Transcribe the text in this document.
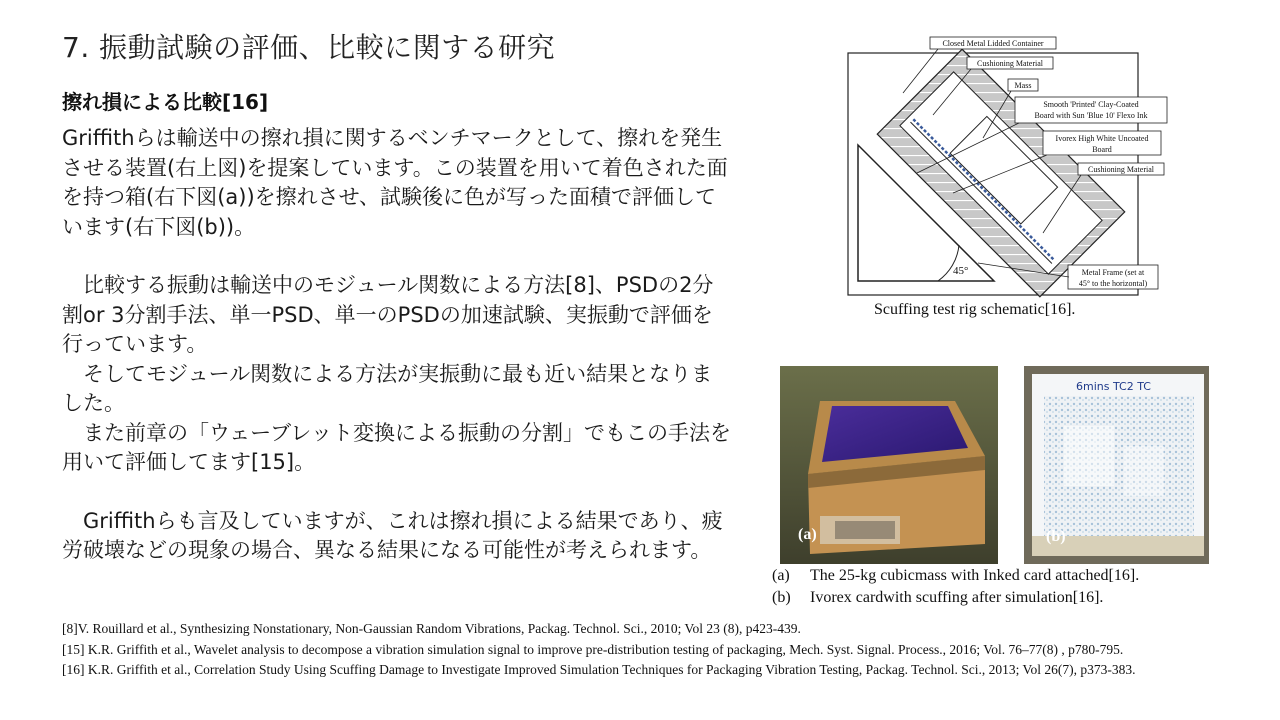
7. 振動試験の評価、比較に関する研究
擦れ損による比較[16]

Griffithらは輸送中の擦れ損に関するベンチマークとして、擦れを発生させる装置(右上図)を提案しています。この装置を用いて着色された面を持つ箱(右下図(a))を擦れさせ、試験後に色が写った面積で評価しています(右下図(b))。

　比較する振動は輸送中のモジュール関数による方法[8]、PSDの2分割or 3分割手法、単一PSD、単一のPSDの加速試験、実振動で評価を行っています。

　そしてモジュール関数による方法が実振動に最も近い結果となりました。

　また前章の「ウェーブレット変換による振動の分割」でもこの手法を用いて評価してます[15]。

　Griffithらも言及していますが、これは擦れ損による結果であり、疲労破壊などの現象の場合、異なる結果になる可能性が考えられます。

45°
Closed Metal Lidded Container
Cushioning Material
Mass
Smooth 'Printed' Clay-Coated
Board with Sun 'Blue 10' Flexo Ink
Ivorex High White Uncoated
Board
Cushioning Material
Metal Frame (set at
45° to the horizontal)
Scuffing test rig schematic[16].
(a)
6mins TC2 TC
(b)
(a)	The 25-kg cubicmass with Inked card attached[16].
(b)	Ivorex cardwith scuffing after simulation[16].

[8]V. Rouillard et al., Synthesizing Nonstationary, Non-Gaussian Random Vibrations, Packag. Technol. Sci., 2010; Vol 23 (8), p423-439.

[15] K.R. Griffith et al., Wavelet analysis to decompose a vibration simulation signal to improve pre-distribution testing of packaging, Mech. Syst. Signal. Process., 2016; Vol. 76–77(8) , p780-795.

[16] K.R. Griffith et al., Correlation Study Using Scuffing Damage to Investigate Improved Simulation Techniques for Packaging Vibration Testing, Packag. Technol. Sci., 2013; Vol 26(7), p373-383.
